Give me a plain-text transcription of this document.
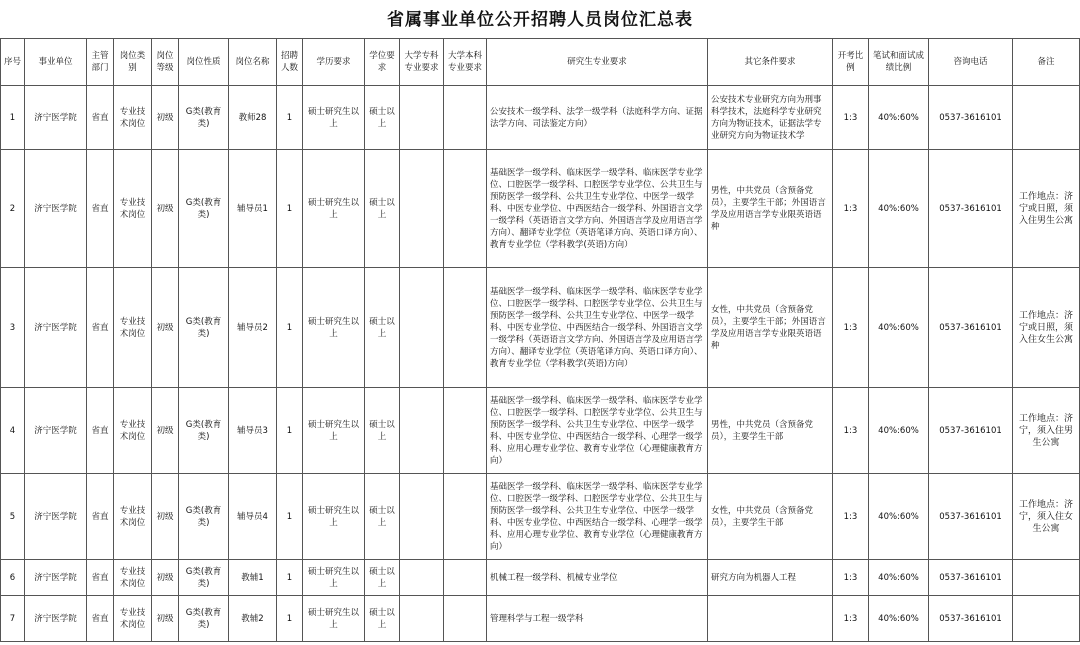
省属事业单位公开招聘人员岗位汇总表
序号	事业单位	主管部门	岗位类别	岗位等级	岗位性质	岗位名称	招聘人数	学历要求	学位要求	大学专科专业要求	大学本科专业要求	研究生专业要求	其它条件要求	开考比例	笔试和面试成绩比例	咨询电话	备注
1	济宁医学院	省直	专业技术岗位	初级	G类(教育类)	教师28	1	硕士研究生以上	硕士以上			公安技术一级学科、法学一级学科（法庭科学方向、证据法学方向、司法鉴定方向）	公安技术专业研究方向为刑事科学技术，法庭科学专业研究方向为物证技术，证据法学专业研究方向为物证技术学	1:3	40%:60%	0537-3616101	
2	济宁医学院	省直	专业技术岗位	初级	G类(教育类)	辅导员1	1	硕士研究生以上	硕士以上			基础医学一级学科、临床医学一级学科、临床医学专业学位、口腔医学一级学科、口腔医学专业学位、公共卫生与预防医学一级学科、公共卫生专业学位、中医学一级学科、中医专业学位、中西医结合一级学科、外国语言文学一级学科（英语语言文学方向、外国语言学及应用语言学方向）、翻译专业学位（英语笔译方向、英语口译方向）、教育专业学位（学科教学(英语)方向）	男性，中共党员（含预备党员），主要学生干部；外国语言学及应用语言学专业限英语语种	1:3	40%:60%	0537-3616101	工作地点：济宁或日照，须入住男生公寓
3	济宁医学院	省直	专业技术岗位	初级	G类(教育类)	辅导员2	1	硕士研究生以上	硕士以上			基础医学一级学科、临床医学一级学科、临床医学专业学位、口腔医学一级学科、口腔医学专业学位、公共卫生与预防医学一级学科、公共卫生专业学位、中医学一级学科、中医专业学位、中西医结合一级学科、外国语言文学一级学科（英语语言文学方向、外国语言学及应用语言学方向）、翻译专业学位（英语笔译方向、英语口译方向）、教育专业学位（学科教学(英语)方向）	女性，中共党员（含预备党员），主要学生干部；外国语言学及应用语言学专业限英语语种	1:3	40%:60%	0537-3616101	工作地点：济宁或日照，须入住女生公寓
4	济宁医学院	省直	专业技术岗位	初级	G类(教育类)	辅导员3	1	硕士研究生以上	硕士以上			基础医学一级学科、临床医学一级学科、临床医学专业学位、口腔医学一级学科、口腔医学专业学位、公共卫生与预防医学一级学科、公共卫生专业学位、中医学一级学科、中医专业学位、中西医结合一级学科、心理学一级学科、应用心理专业学位、教育专业学位（心理健康教育方向）	男性，中共党员（含预备党员），主要学生干部	1:3	40%:60%	0537-3616101	工作地点：济宁，须入住男生公寓
5	济宁医学院	省直	专业技术岗位	初级	G类(教育类)	辅导员4	1	硕士研究生以上	硕士以上			基础医学一级学科、临床医学一级学科、临床医学专业学位、口腔医学一级学科、口腔医学专业学位、公共卫生与预防医学一级学科、公共卫生专业学位、中医学一级学科、中医专业学位、中西医结合一级学科、心理学一级学科、应用心理专业学位、教育专业学位（心理健康教育方向）	女性，中共党员（含预备党员），主要学生干部	1:3	40%:60%	0537-3616101	工作地点：济宁，须入住女生公寓
6	济宁医学院	省直	专业技术岗位	初级	G类(教育类)	教辅1	1	硕士研究生以上	硕士以上			机械工程一级学科、机械专业学位	研究方向为机器人工程	1:3	40%:60%	0537-3616101	
7	济宁医学院	省直	专业技术岗位	初级	G类(教育类)	教辅2	1	硕士研究生以上	硕士以上			管理科学与工程一级学科		1:3	40%:60%	0537-3616101	
